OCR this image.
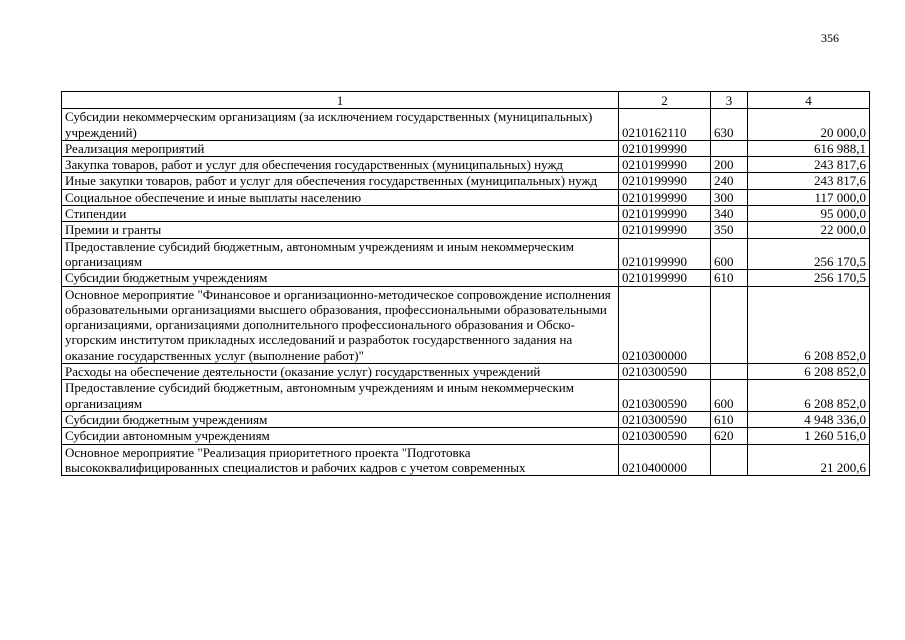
356
1	2	3	4
Субсидии некоммерческим организациям (за исключением государственных (муниципальных) учреждений)	0210162110	630	20 000,0
Реализация мероприятий	0210199990		616 988,1
Закупка товаров, работ и услуг для обеспечения государственных (муниципальных) нужд	0210199990	200	243 817,6
Иные закупки товаров, работ и услуг для обеспечения государственных (муниципальных) нужд	0210199990	240	243 817,6
Социальное обеспечение и иные выплаты населению	0210199990	300	117 000,0
Стипендии	0210199990	340	95 000,0
Премии и гранты	0210199990	350	22 000,0
Предоставление субсидий бюджетным, автономным учреждениям и иным некоммерческим организациям	0210199990	600	256 170,5
Субсидии бюджетным учреждениям	0210199990	610	256 170,5
Основное мероприятие "Финансовое и организационно-методическое сопровождение исполнения образовательными организациями высшего образования, профессиональными образовательными организациями, организациями дополнительного профессионального образования и Обско-угорским институтом прикладных исследований и разработок государственного задания на оказание государственных услуг (выполнение работ)"	0210300000		6 208 852,0
Расходы на обеспечение деятельности (оказание услуг) государственных учреждений	0210300590		6 208 852,0
Предоставление субсидий бюджетным, автономным учреждениям и иным некоммерческим организациям	0210300590	600	6 208 852,0
Субсидии бюджетным учреждениям	0210300590	610	4 948 336,0
Субсидии автономным учреждениям	0210300590	620	1 260 516,0
Основное мероприятие "Реализация приоритетного проекта "Подготовка высококвалифицированных специалистов и рабочих кадров с учетом современных	0210400000		21 200,6
